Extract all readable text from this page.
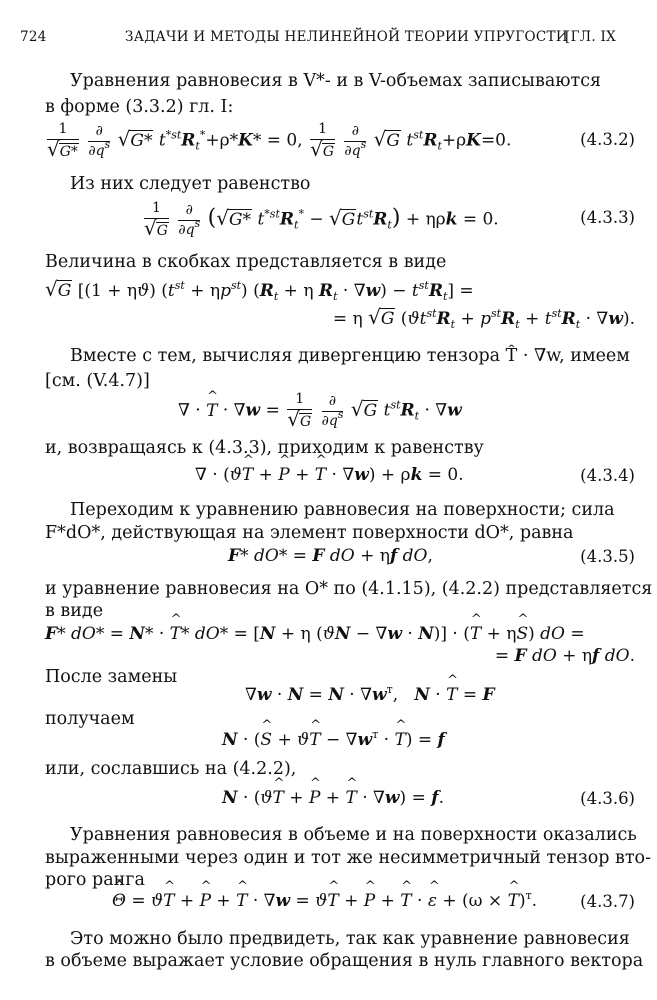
724	ЗАДАЧИ И МЕТОДЫ НЕЛИНЕЙНОЙ ТЕОРИИ УПРУГОСТИ
[ГЛ. IX
Уравнения равновесия в V*- и в V-объемах записываются
в форме (3.3.2) гл. I:
$\frac{1}{√G*}$
$\frac{\partial}{\partial q^s} √G*$ $t^{*st}R_t^*+\rho*K* = 0$, $\frac{1}{√G}$
$\frac{\partial}{\partial q^s} √G$ $t^{st}R_t+\rho K=0$.	(4.3.2)
Из них следует равенство
$\frac{1}{√G}$
$\frac{\partial}{\partial q^s} (√G*$ $t^{*st}R_t^* - √Gt^{st}R_t) + \eta\rho k = 0$.	(4.3.3)
Величина в скобках представляется в виде
√G [(1 + ηϑ) $(t^{st} + \eta p^{st}) (R_t + \eta$ $R_t \cdot \nabla w) - t^{st}R_t$] =
= η √G $(ϑt^{st}R_t + p^{st}R_t + t^{st}R_t \cdot \nabla w)$.
Вместе с тем, вычисляя дивергенцию тензора T̂ · ∇w, имеем
[см. (V.4.7)]
∇ · ^ $T \cdot \nabla w = \frac{1}{√G}$
$\frac{\partial}{\partial q^s} √G$ $t^{st}R_t \cdot \nabla w$
и, возвращаясь к (4.3.3), приходим к равенству
∇ · (ϑ^ T + ^ P + ^ T · ∇w) + ρk = 0.	(4.3.4)
Переходим к уравнению равновесия на поверхности; сила
F*dO*, действующая на элемент поверхности dO*, равна
F* dO* = F dO + ηf dO,	(4.3.5)
и уравнение равновесия на O* по (4.1.15), (4.2.2) представляется
в виде
F* dO* = N* · ^ T* dO* = [N + η (ϑN − ∇w · N)] · (^ T + η^ S) dO =
= F dO + ηf dO.
После замены
$\nabla w \cdot N = N \cdot \nabla w^т$,   N · ^ T = F
получаем
N · (^ S + ϑ^ $T - \nabla w^т$ · ^ T) = f
или, сославшись на (4.2.2),
N · (ϑ^ T + ^ P + ^ T · ∇w) = f.	(4.3.6)
Уравнения равновесия в объеме и на поверхности оказались
выраженными через один и тот же несимметричный тензор вто-
рого ранга
^ Θ = ϑ^ T + ^ P + ^ T · ∇w = ϑ^ T + ^ P + ^ T · ^ ε + (ω × ^ T)$^т$.	(4.3.7)
Это можно было предвидеть, так как уравнение равновесия
в объеме выражает условие обращения в нуль главного вектора
